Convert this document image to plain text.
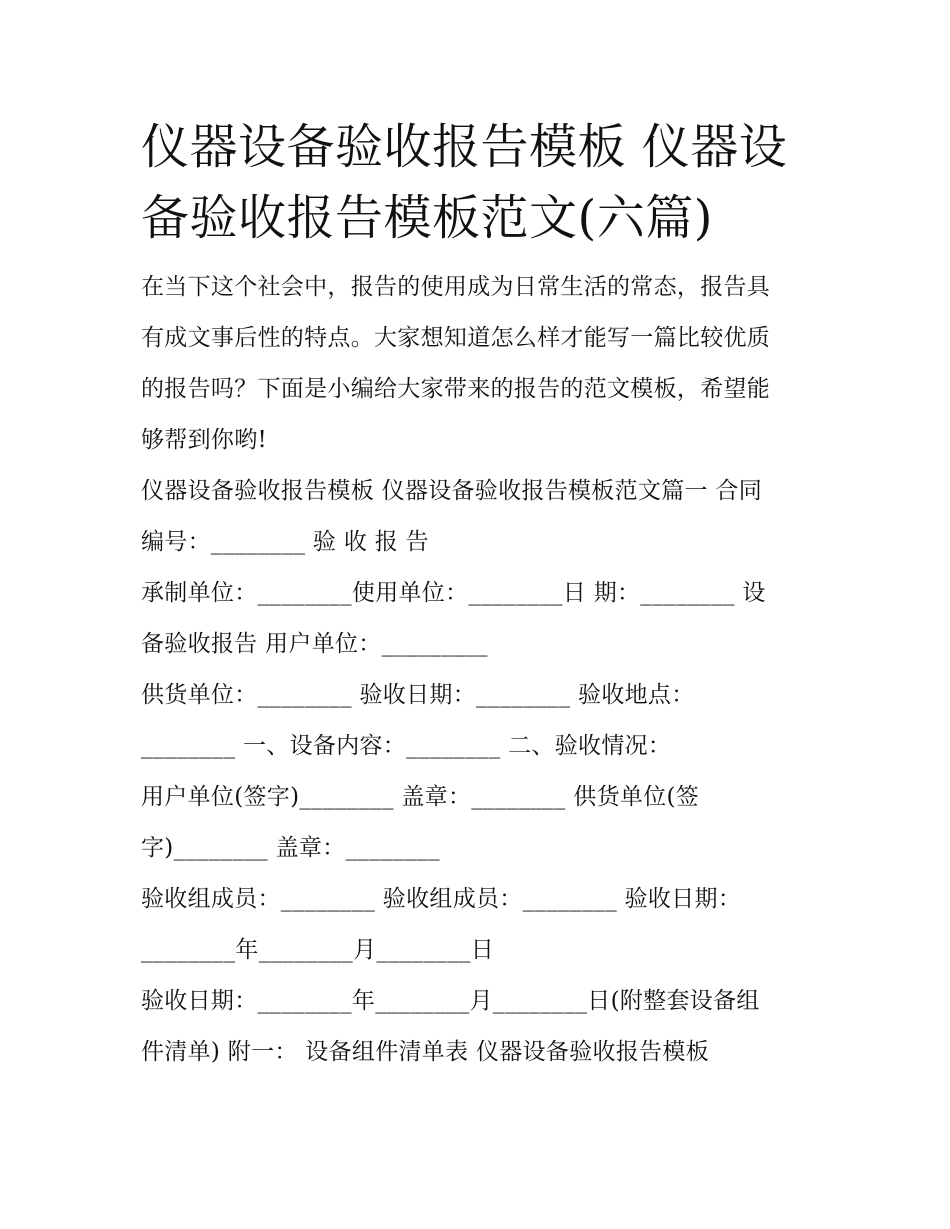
仪器设备验收报告模板 仪器设
备验收报告模板范文(六篇)
在当下这个社会中，报告的使用成为日常生活的常态，报告具
有成文事后性的特点。大家想知道怎么样才能写一篇比较优质
的报告吗？下面是小编给大家带来的报告的范文模板，希望能
够帮到你哟!
仪器设备验收报告模板 仪器设备验收报告模板范文篇一 合同
编号：________ 验 收 报 告
承制单位：________使用单位：________日 期：________ 设
备验收报告 用户单位：_________
供货单位：________ 验收日期：________ 验收地点：
________ 一、设备内容：________ 二、验收情况：
用户单位(签字)________ 盖章：________ 供货单位(签
字)________ 盖章：________
验收组成员：________ 验收组成员：________ 验收日期：
________年________月________日
验收日期：________年________月________日(附整套设备组
件清单) 附一： 设备组件清单表 仪器设备验收报告模板
